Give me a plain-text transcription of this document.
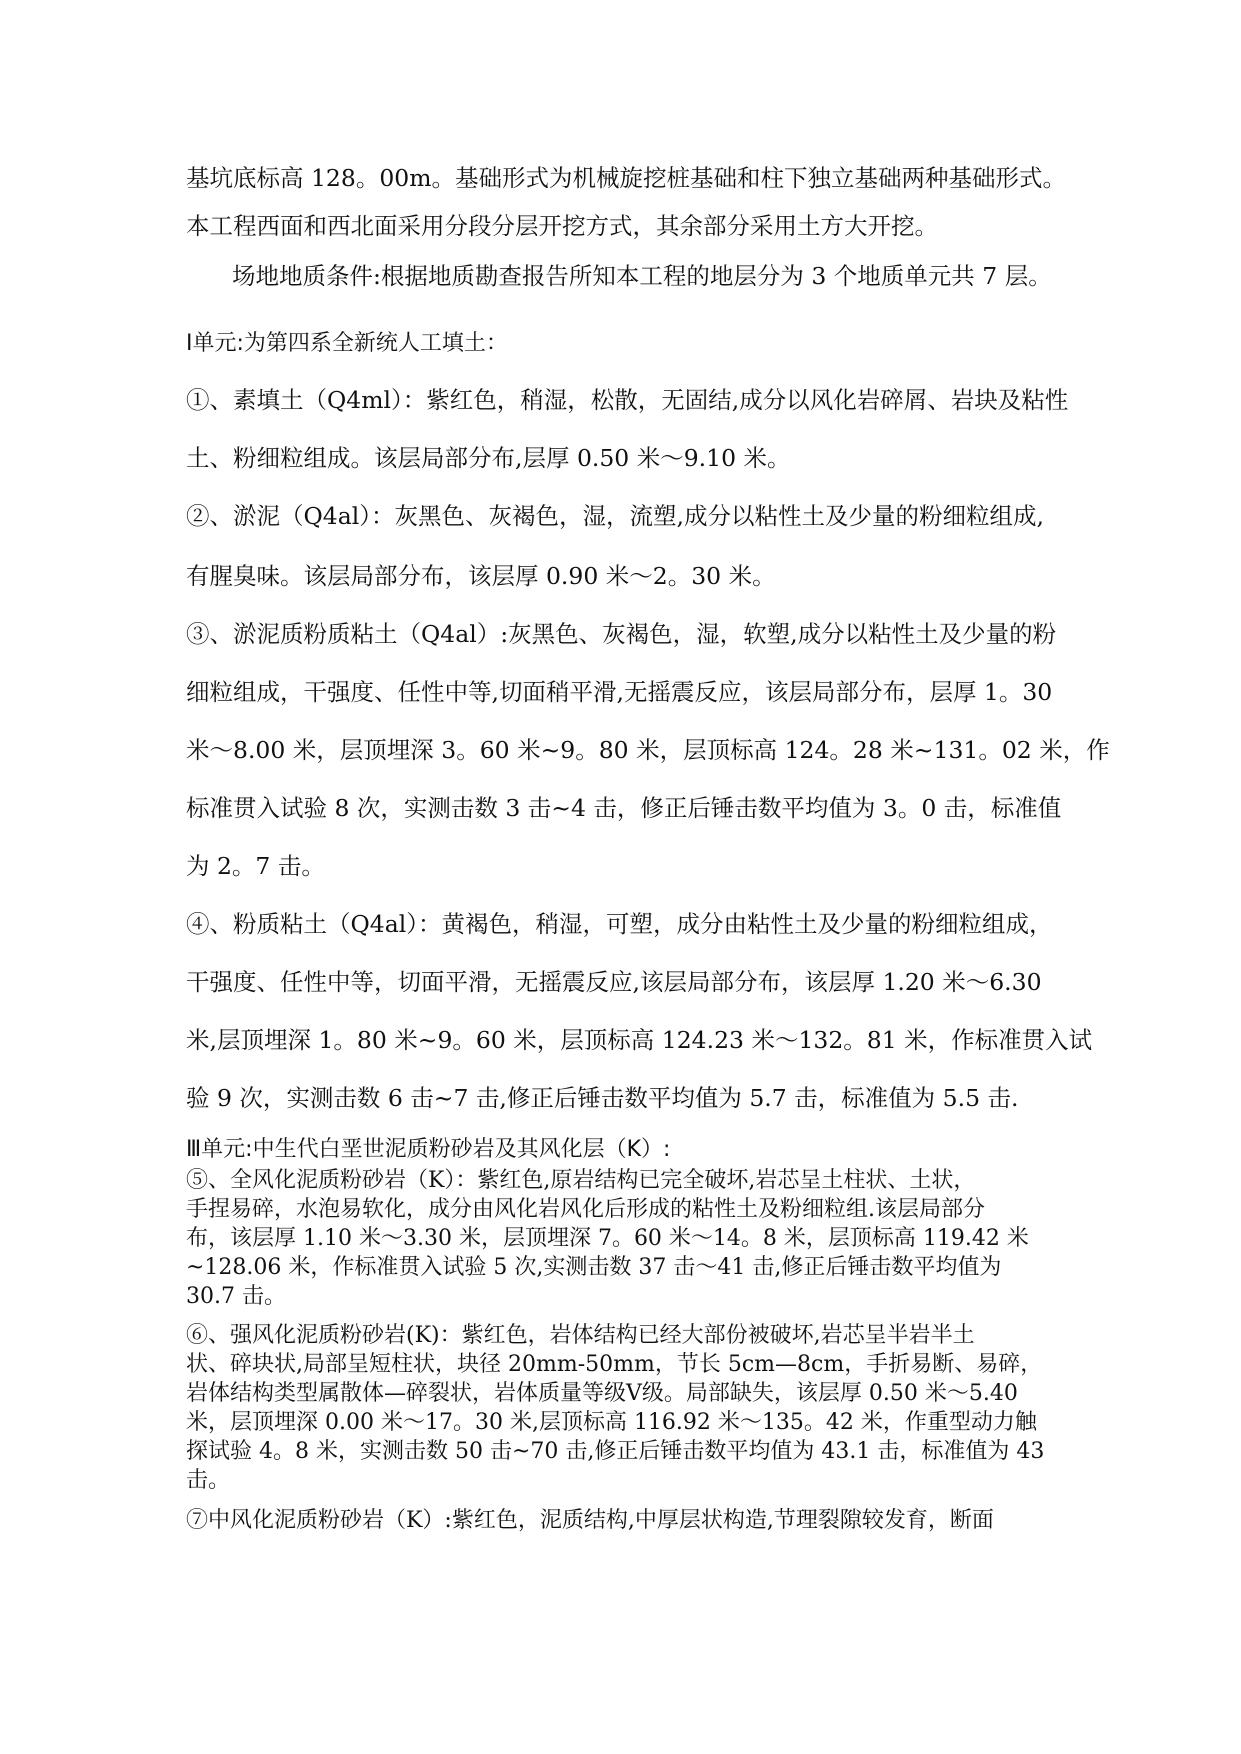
基坑底标高 128。00m。基础形式为机械旋挖桩基础和柱下独立基础两种基础形式。
本工程西面和西北面采用分段分层开挖方式，其余部分采用土方大开挖。
场地地质条件:根据地质勘查报告所知本工程的地层分为 3 个地质单元共 7 层。
Ⅰ单元:为第四系全新统人工填土：
①、素填土（Q4ml）：紫红色，稍湿，松散，无固结,成分以风化岩碎屑、岩块及粘性
土、粉细粒组成。该层局部分布,层厚 0.50 米～9.10 米。
②、淤泥（Q4al）：灰黑色、灰褐色，湿，流塑,成分以粘性土及少量的粉细粒组成,
有腥臭味。该层局部分布，该层厚 0.90 米～2。30 米。
③、淤泥质粉质粘土（Q4al）:灰黑色、灰褐色，湿，软塑,成分以粘性土及少量的粉
细粒组成，干强度、任性中等,切面稍平滑,无摇震反应，该层局部分布，层厚 1。30
米～8.00 米，层顶埋深 3。60 米~9。80 米，层顶标高 124。28 米~131。02 米，作
标准贯入试验 8 次，实测击数 3 击~4 击，修正后锤击数平均值为 3。0 击，标准值
为 2。7 击。
④、粉质粘土（Q4al）：黄褐色，稍湿，可塑，成分由粘性土及少量的粉细粒组成，
干强度、任性中等，切面平滑，无摇震反应,该层局部分布，该层厚 1.20 米～6.30
米,层顶埋深 1。80 米~9。60 米，层顶标高 124.23 米～132。81 米，作标准贯入试
验 9 次，实测击数 6 击~7 击,修正后锤击数平均值为 5.7 击，标准值为 5.5 击.
Ⅲ单元:中生代白垩世泥质粉砂岩及其风化层（K）:
⑤、全风化泥质粉砂岩（K）：紫红色,原岩结构已完全破坏,岩芯呈土柱状、土状，
手捏易碎，水泡易软化，成分由风化岩风化后形成的粘性土及粉细粒组.该层局部分
布，该层厚 1.10 米～3.30 米，层顶埋深 7。60 米～14。8 米，层顶标高 119.42 米
~128.06 米，作标准贯入试验 5 次,实测击数 37 击～41 击,修正后锤击数平均值为
30.7 击。
⑥、强风化泥质粉砂岩(K)：紫红色，岩体结构已经大部份被破坏,岩芯呈半岩半土
状、碎块状,局部呈短柱状，块径 20mm-50mm，节长 5cm—8cm，手折易断、易碎，
岩体结构类型属散体—碎裂状，岩体质量等级Ⅴ级。局部缺失，该层厚 0.50 米～5.40
米，层顶埋深 0.00 米～17。30 米,层顶标高 116.92 米～135。42 米，作重型动力触
探试验 4。8 米，实测击数 50 击~70 击,修正后锤击数平均值为 43.1 击，标准值为 43
击。
⑦中风化泥质粉砂岩（K）:紫红色，泥质结构,中厚层状构造,节理裂隙较发育，断面
